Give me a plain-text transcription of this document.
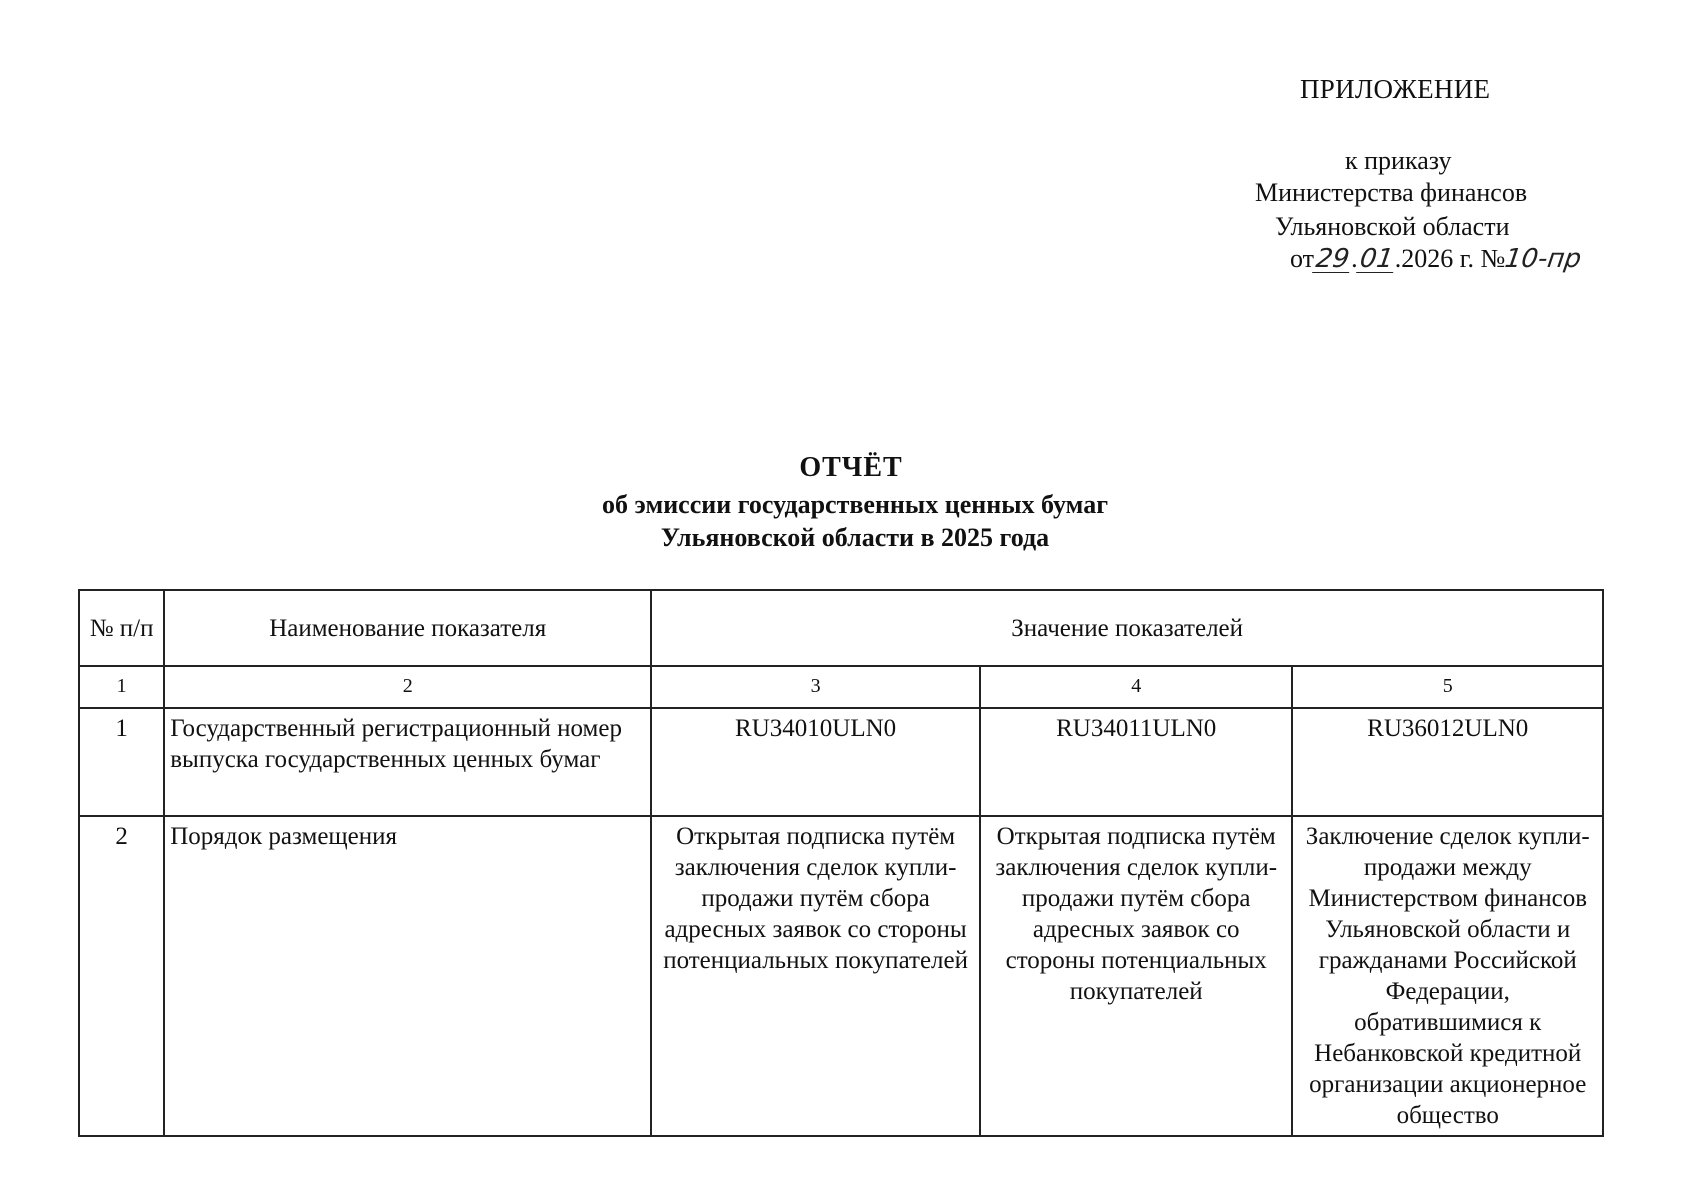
ПРИЛОЖЕНИЕ
к приказу
Министерства финансов
Ульяновской области
от29.01.2026 г. №10-пр
ОТЧЁТ
об эмиссии государственных ценных бумаг
Ульяновской области в 2025 года
№ п/п	Наименование показателя	Значение показателей		
1	2	3	4	5
1	Государственный регистрационный номер выпуска государственных ценных бумаг	RU34010ULN0	RU34011ULN0	RU36012ULN0
2	Порядок размещения	Открытая подписка путём заключения сделок купли-продажи путём сбора адресных заявок со стороны потенциальных покупателей	Открытая подписка путём заключения сделок купли-продажи путём сбора адресных заявок со стороны потенциальных покупателей	Заключение сделок купли-продажи между Министерством финансов Ульяновской области и гражданами Российской Федерации, обратившимися к Небанковской кредитной организации акционерное общество
